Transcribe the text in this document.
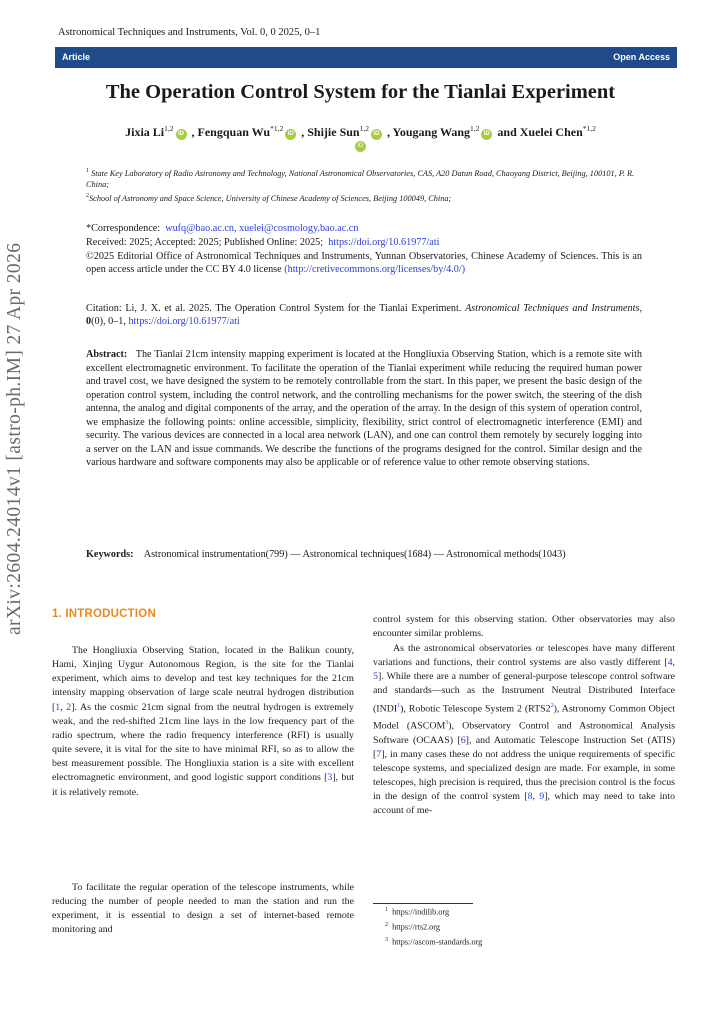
arXiv:2604.24014v1 [astro-ph.IM] 27 Apr 2026
Astronomical Techniques and Instruments, Vol. 0, 0 2025, 0–1
Article	Open Access
The Operation Control System for the Tianlai Experiment
Jixia Li$^{1,2}$iD , Fengquan Wu$^{*1,2}$iD , Shijie Sun$^{1,2}$iD , Yougang Wang$^{1,2}$iD and Xuelei Chen$^{*1,2}$
iD
$^1$ State Key Laboratory of Radio Astronomy and Technology, National Astronomical Observatories, CAS, A20 Datun Road, Chaoyang District, Beijing, 100101, P. R. China;
$^2$School of Astronomy and Space Science, University of Chinese Academy of Sciences, Beijing 100049, China;
*Correspondence: wufq@bao.ac.cn, xuelei@cosmology.bao.ac.cn
Received: 2025; Accepted: 2025; Published Online: 2025; https://doi.org/10.61977/ati
©2025 Editorial Office of Astronomical Techniques and Instruments, Yunnan Observatories, Chinese Academy of Sciences. This is an open access article under the CC BY 4.0 license (http://cretivecommons.org/licenses/by/4.0/)
Citation: Li, J. X. et al. 2025. The Operation Control System for the Tianlai Experiment. Astronomical Techniques and Instruments, 0(0), 0–1, https://doi.org/10.61977/ati
Abstract: The Tianlai 21cm intensity mapping experiment is located at the Hongliuxia Observing Station, which is a remote site with excellent electromagnetic environment. To facilitate the operation of the Tianlai experiment while reducing the required human power and travel cost, we have designed the system to be remotely controllable from the start. In this paper, we present the basic design of the operation control system, including the control network, and the controlling mechanisms for the power switch, the steering of the dish antenna, the analog and digital components of the array, and the operation of the array. In the design of this system of operation control, we emphasize the following points: online accessible, simplicity, flexibility, strict control of electromagnetic interference (EMI) and security. The various devices are connected in a local area network (LAN), and one can control them remotely by securely logging into a server on the LAN and issue commands. We describe the functions of the programs designed for the control. Similar design and the various hardware and software components may also be applicable or of reference value to other remote observing stations.
Keywords: Astronomical instrumentation(799) — Astronomical techniques(1684) — Astronomical methods(1043)
1. INTRODUCTION
The Hongliuxia Observing Station, located in the Balikun county, Hami, Xinjing Uygur Autonomous Region, is the site for the Tianlai experiment, which aims to develop and test key techniques for the 21cm intensity mapping observation of large scale neutral hydrogen distribution [1, 2]. As the cosmic 21cm signal from the neutral hydrogen is extremely weak, and the red-shifted 21cm line lays in the low frequency part of the radio spectrum, where the radio frequency interference (RFI) is usually quite severe, it is vital for the site to have minimal RFI, so as to allow the best measurement possible. The Hongliuxia station is a site with excellent electromagnetic environment, and good logistic support conditions [3], but it is relatively remote.
To facilitate the regular operation of the telescope instruments, while reducing the number of people needed to man the station and run the experiment, it is essential to design a set of internet-based remote monitoring and
control system for this observing station. Other observatories may also encounter similar problems.
As the astronomical observatories or telescopes have many different variations and functions, their control systems are also vastly different [4, 5]. While there are a number of general-purpose telescope control software and standards—such as the Instrument Neutral Distributed Interface (INDI$^1$), Robotic Telescope System 2 (RTS2$^2$), Astronomy Common Object Model (ASCOM$^3$), Observatory Control and Astronomical Analysis Software (OCAAS) [6], and Automatic Telescope Instruction Set (ATIS) [7], in many cases these do not address the unique requirements of specific telescope systems, and specialized design are made. For example, in some telescopes, high precision is required, thus the precision control is the focus in the design of the control system [8, 9], which may need to take into account of me-
$^1$ https://indilib.org
$^2$ https://rts2.org
$^3$ https://ascom-standards.org
